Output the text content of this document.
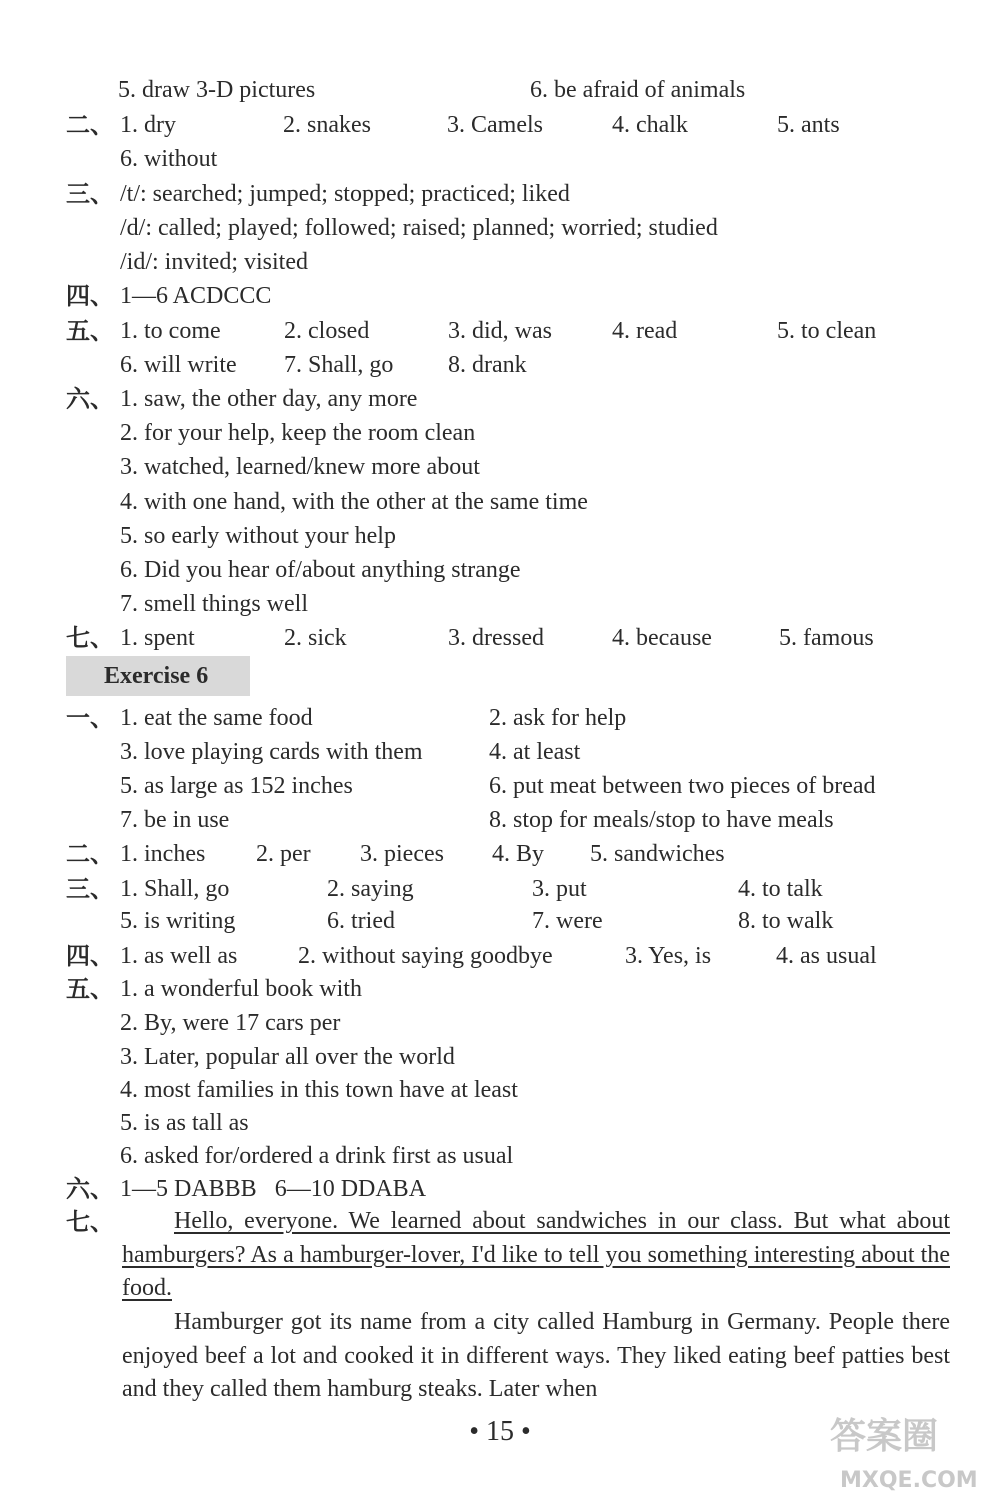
5. draw 3-D pictures	6. be afraid of animals
二、 1. dry	2. snakes	3. Camels	4. chalk	5. ants
6. without
三、 /t/: searched; jumped; stopped; practiced; liked
/d/: called; played; followed; raised; planned; worried; studied
/id/: invited; visited
四、 1—6 ACDCCC
五、 1. to come	2. closed	3. did, was	4. read	5. to clean
6. will write 7. Shall, go 8. drank
六、 1. saw, the other day, any more
2. for your help, keep the room clean
3. watched, learned/knew more about
4. with one hand, with the other at the same time
5. so early without your help
6. Did you hear of/about anything strange
7. smell things well
七、 1. spent	2. sick	3. dressed	4. because	5. famous
Exercise 6
一、 1. eat the same food	2. ask for help
3. love playing cards with them	4. at least
5. as large as 152 inches	6. put meat between two pieces of bread
7. be in use	8. stop for meals/stop to have meals
二、 1. inches 2. per 3. pieces 4. By 5. sandwiches
三、 1. Shall, go	2. saying	3. put	4. to talk
5. is writing	6. tried	7. were	8. to walk
四、 1. as well as	2. without saying goodbye	3. Yes, is	4. as usual
五、 1. a wonderful book with
2. By, were 17 cars per
3. Later, popular all over the world
4. most families in this town have at least
5. is as tall as
6. asked for/ordered a drink first as usual
六、 1—5 DABBB   6—10 DDABA
七、	Hello, everyone. We learned about sandwiches in our class. But what about hamburgers? As a hamburger-lover, I'd like to tell you something interesting about the food.
Hamburger got its name from a city called Hamburg in Germany. People there enjoyed beef a lot and cooked it in different ways. They liked eating beef patties best and they called them hamburg steaks. Later when
• 15 •	答案圈
MXQE.COM
